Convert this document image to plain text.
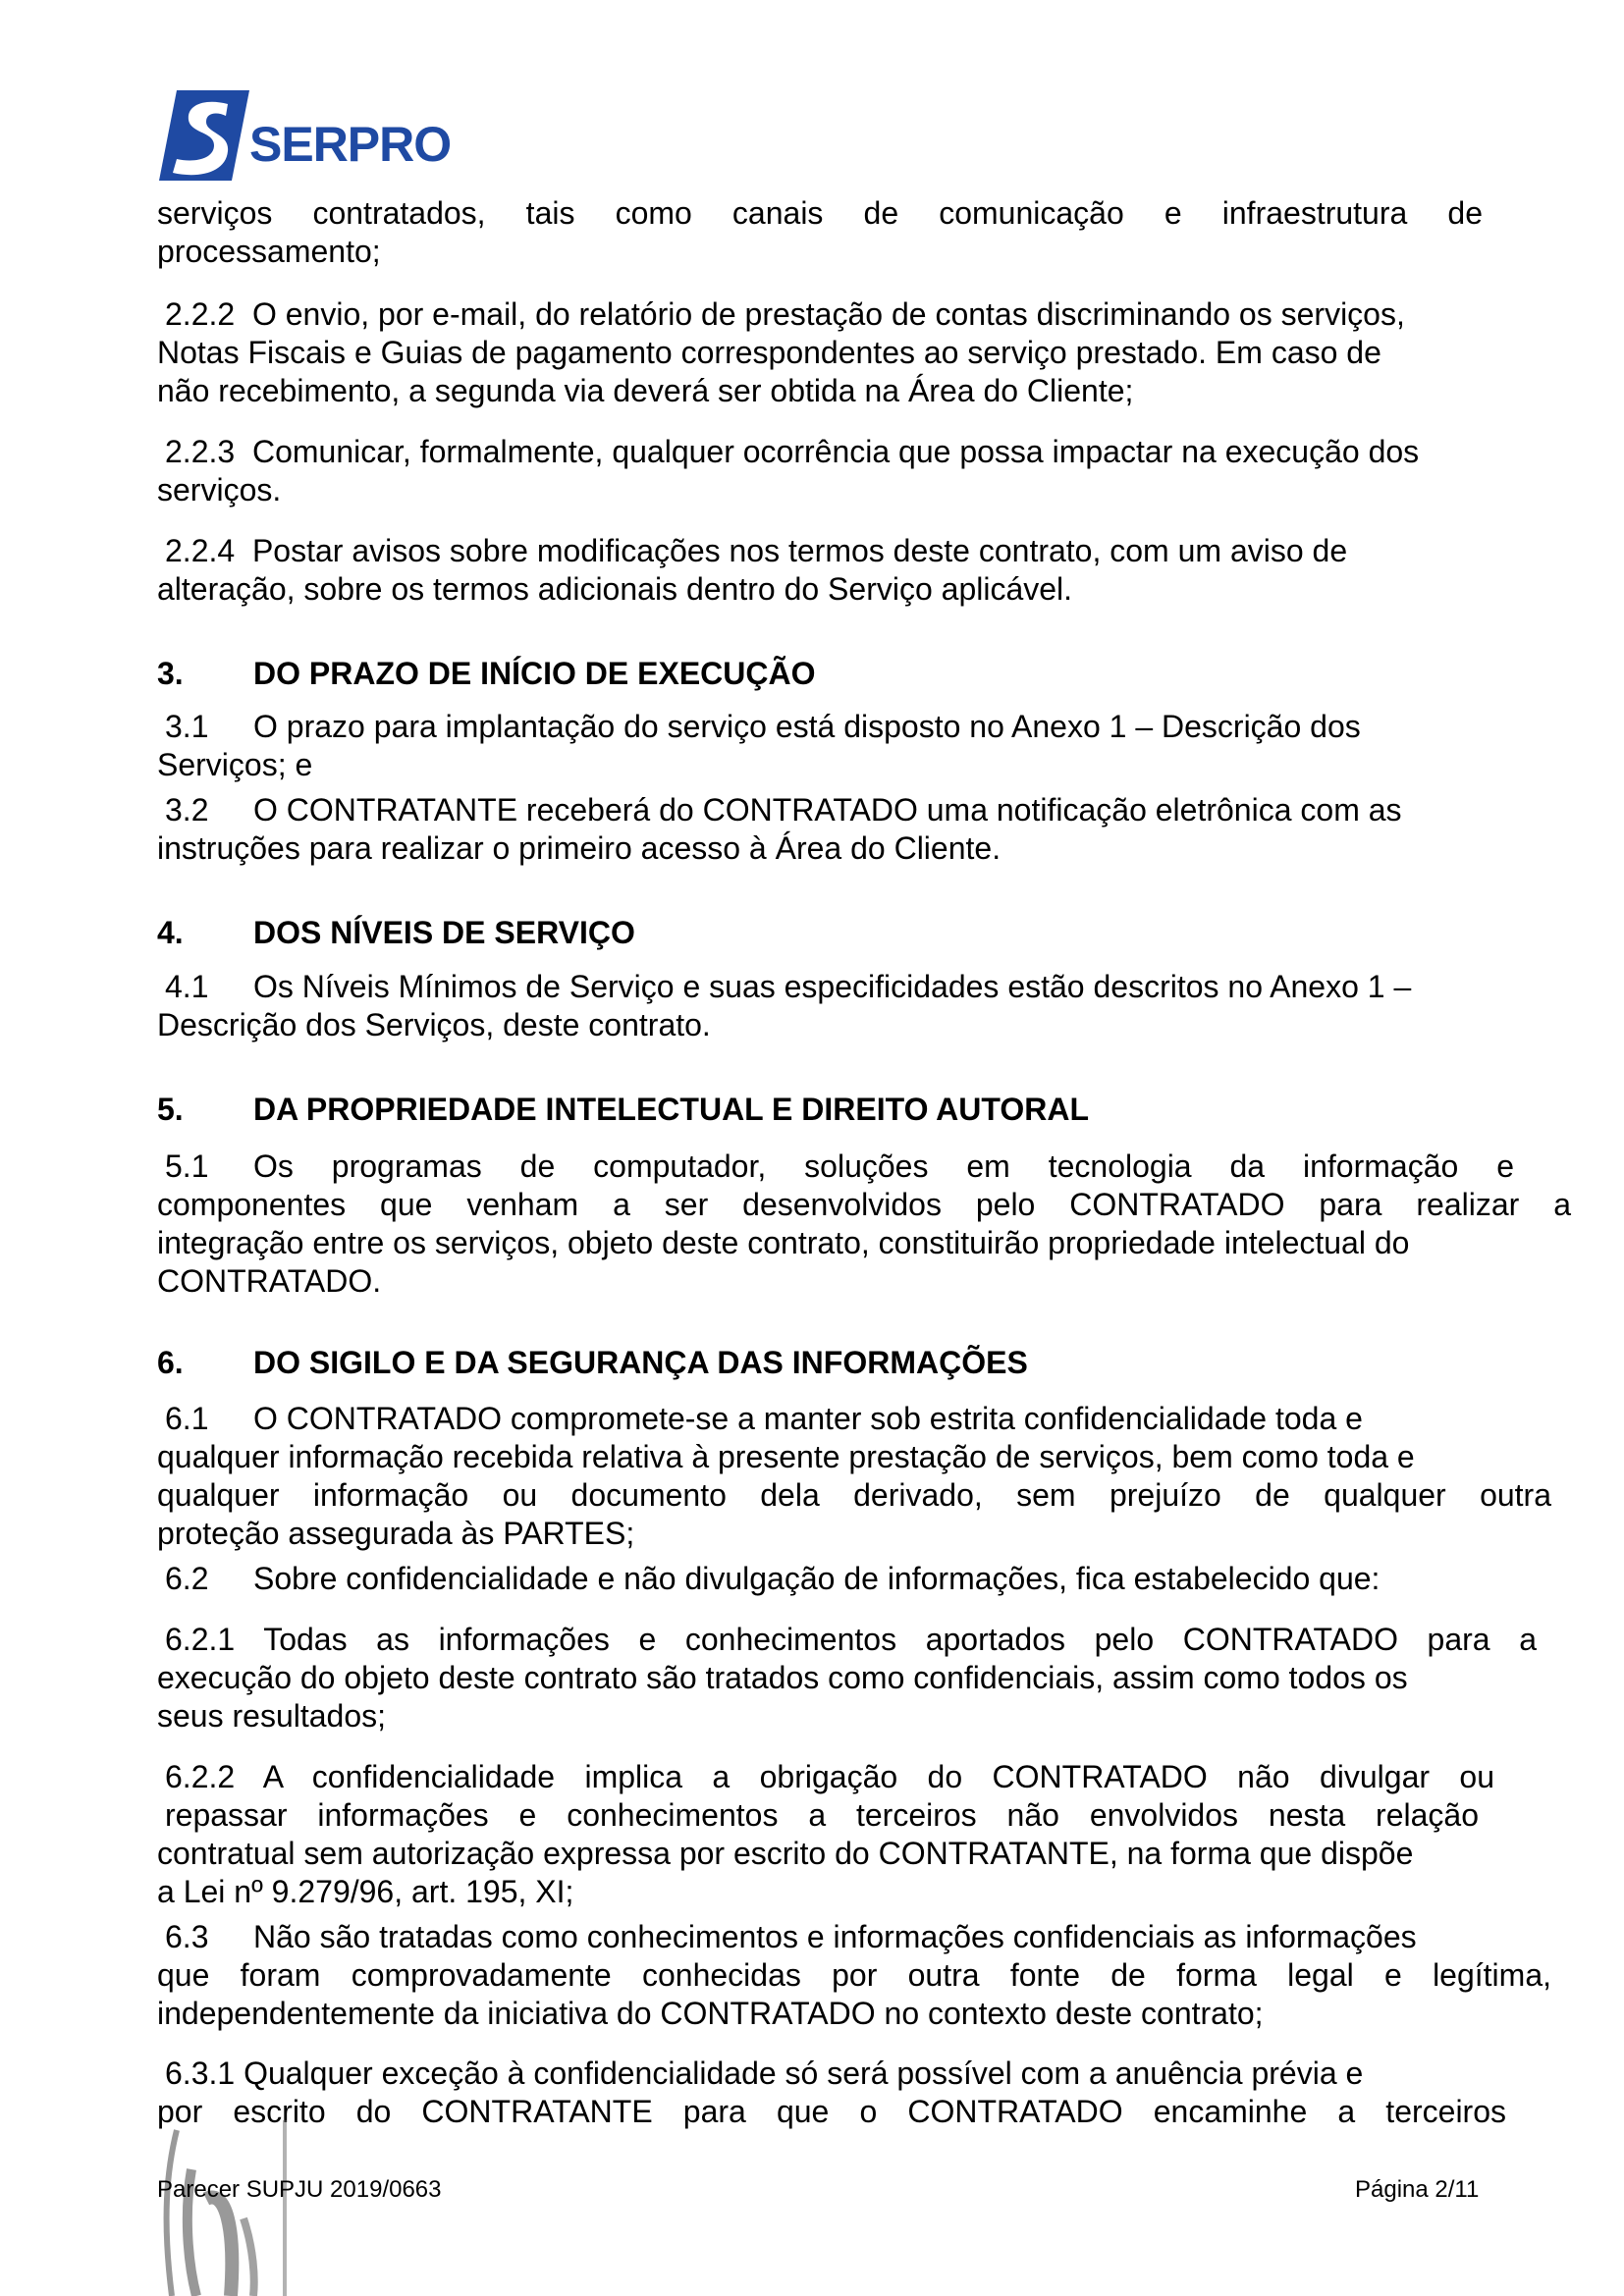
SERPRO
serviços contratados, tais como canais de comunicação e infraestrutura de
processamento;
2.2.2 O envio, por e-mail, do relatório de prestação de contas discriminando os serviços,
Notas Fiscais e Guias de pagamento correspondentes ao serviço prestado. Em caso de
não recebimento, a segunda via deverá ser obtida na Área do Cliente;
2.2.3 Comunicar, formalmente, qualquer ocorrência que possa impactar na execução dos
serviços.
2.2.4 Postar avisos sobre modificações nos termos deste contrato, com um aviso de
alteração, sobre os termos adicionais dentro do Serviço aplicável.
3. DO PRAZO DE INÍCIO DE EXECUÇÃO
3.1 O prazo para implantação do serviço está disposto no Anexo 1 – Descrição dos
Serviços; e
3.2 O CONTRATANTE receberá do CONTRATADO uma notificação eletrônica com as
instruções para realizar o primeiro acesso à Área do Cliente.
4. DOS NÍVEIS DE SERVIÇO
4.1 Os Níveis Mínimos de Serviço e suas especificidades estão descritos no Anexo 1 –
Descrição dos Serviços, deste contrato.
5. DA PROPRIEDADE INTELECTUAL E DIREITO AUTORAL
5.1 Os programas de computador, soluções em tecnologia da informação e
componentes que venham a ser desenvolvidos pelo CONTRATADO para realizar a
integração entre os serviços, objeto deste contrato, constituirão propriedade intelectual do
CONTRATADO.
6. DO SIGILO E DA SEGURANÇA DAS INFORMAÇÕES
6.1 O CONTRATADO compromete-se a manter sob estrita confidencialidade toda e
qualquer informação recebida relativa à presente prestação de serviços, bem como toda e
qualquer informação ou documento dela derivado, sem prejuízo de qualquer outra
proteção assegurada às PARTES;
6.2 Sobre confidencialidade e não divulgação de informações, fica estabelecido que:
6.2.1 Todas as informações e conhecimentos aportados pelo CONTRATADO para a
execução do objeto deste contrato são tratados como confidenciais, assim como todos os
seus resultados;
6.2.2 A confidencialidade implica a obrigação do CONTRATADO não divulgar ou
repassar informações e conhecimentos a terceiros não envolvidos nesta relação
contratual sem autorização expressa por escrito do CONTRATANTE, na forma que dispõe
a Lei nº 9.279/96, art. 195, XI;
6.3 Não são tratadas como conhecimentos e informações confidenciais as informações
que foram comprovadamente conhecidas por outra fonte de forma legal e legítima,
independentemente da iniciativa do CONTRATADO no contexto deste contrato;
6.3.1 Qualquer exceção à confidencialidade só será possível com a anuência prévia e
por escrito do CONTRATANTE para que o CONTRATADO encaminhe a terceiros
Parecer SUPJU 2019/0663	Página 2/11
